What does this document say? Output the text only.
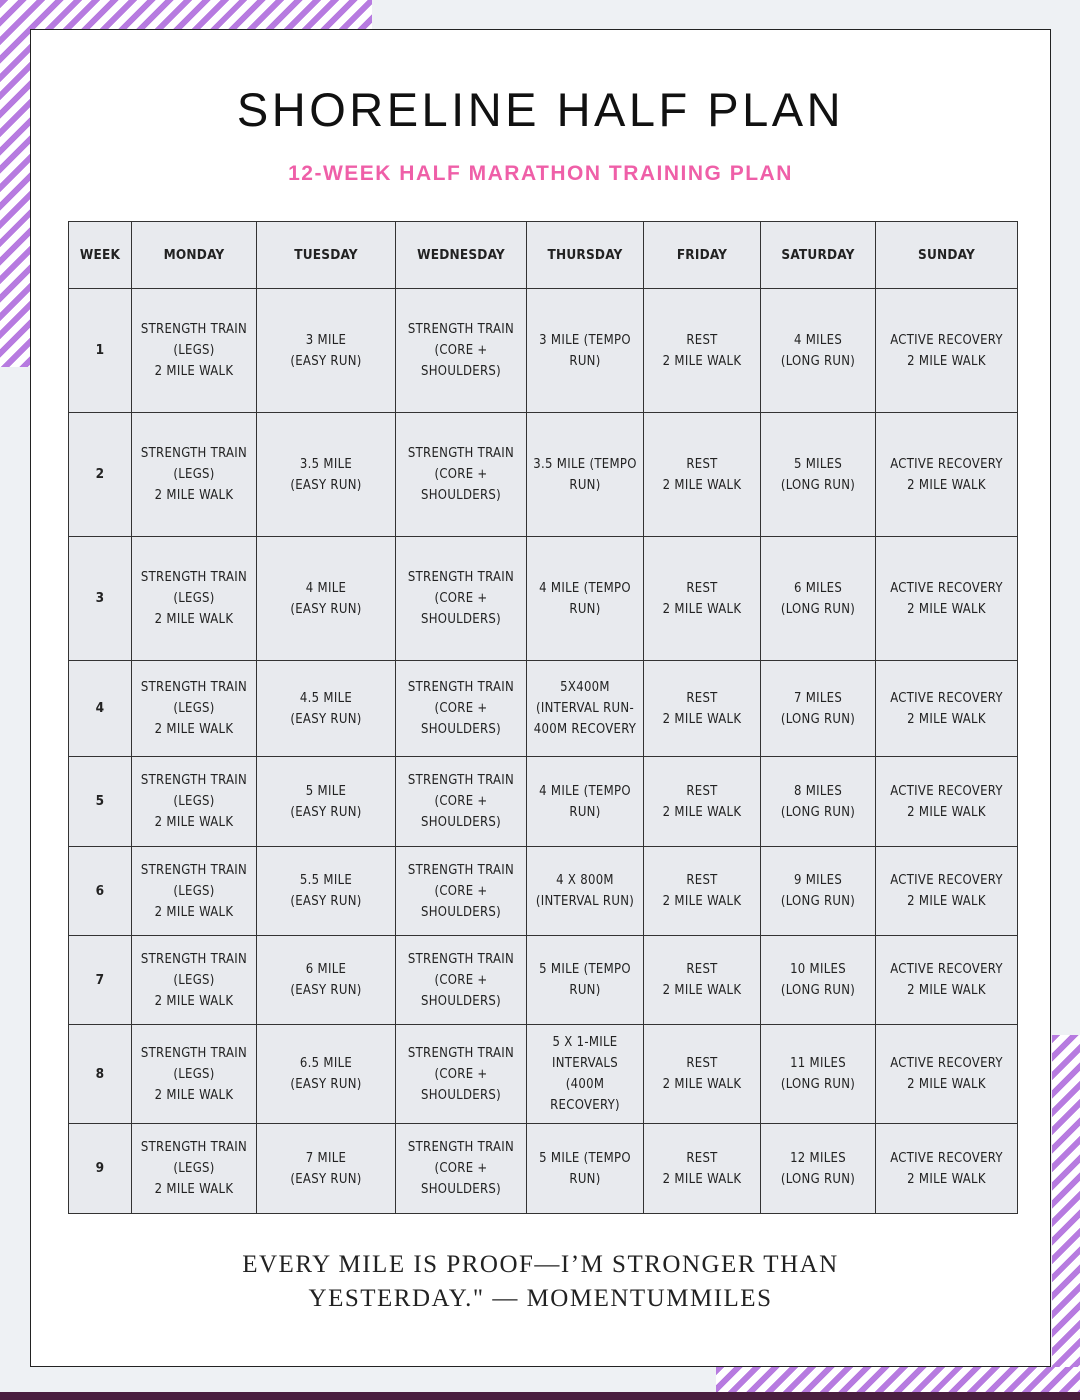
SHORELINE HALF PLAN
12-WEEK HALF MARATHON TRAINING PLAN
WEEK	MONDAY	TUESDAY	WEDNESDAY	THURSDAY	FRIDAY	SATURDAY	SUNDAY
1	STRENGTH TRAIN
(LEGS)
2 MILE WALK	3 MILE
(EASY RUN)	STRENGTH TRAIN
(CORE +
SHOULDERS)	3 MILE (TEMPO
RUN)	REST
2 MILE WALK	4 MILES
(LONG RUN)	ACTIVE RECOVERY
2 MILE WALK
2	STRENGTH TRAIN
(LEGS)
2 MILE WALK	3.5 MILE
(EASY RUN)	STRENGTH TRAIN
(CORE +
SHOULDERS)	3.5 MILE (TEMPO
RUN)	REST
2 MILE WALK	5 MILES
(LONG RUN)	ACTIVE RECOVERY
2 MILE WALK
3	STRENGTH TRAIN
(LEGS)
2 MILE WALK	4 MILE
(EASY RUN)	STRENGTH TRAIN
(CORE +
SHOULDERS)	4 MILE (TEMPO
RUN)	REST
2 MILE WALK	6 MILES
(LONG RUN)	ACTIVE RECOVERY
2 MILE WALK
4	STRENGTH TRAIN
(LEGS)
2 MILE WALK	4.5 MILE
(EASY RUN)	STRENGTH TRAIN
(CORE +
SHOULDERS)	5X400M
(INTERVAL RUN-
400M RECOVERY	REST
2 MILE WALK	7 MILES
(LONG RUN)	ACTIVE RECOVERY
2 MILE WALK
5	STRENGTH TRAIN
(LEGS)
2 MILE WALK	5 MILE
(EASY RUN)	STRENGTH TRAIN
(CORE +
SHOULDERS)	4 MILE (TEMPO
RUN)	REST
2 MILE WALK	8 MILES
(LONG RUN)	ACTIVE RECOVERY
2 MILE WALK
6	STRENGTH TRAIN
(LEGS)
2 MILE WALK	5.5 MILE
(EASY RUN)	STRENGTH TRAIN
(CORE +
SHOULDERS)	4 X 800M
(INTERVAL RUN)	REST
2 MILE WALK	9 MILES
(LONG RUN)	ACTIVE RECOVERY
2 MILE WALK
7	STRENGTH TRAIN
(LEGS)
2 MILE WALK	6 MILE
(EASY RUN)	STRENGTH TRAIN
(CORE +
SHOULDERS)	5 MILE (TEMPO
RUN)	REST
2 MILE WALK	10 MILES
(LONG RUN)	ACTIVE RECOVERY
2 MILE WALK
8	STRENGTH TRAIN
(LEGS)
2 MILE WALK	6.5 MILE
(EASY RUN)	STRENGTH TRAIN
(CORE +
SHOULDERS)	5 X 1-MILE
INTERVALS
(400M
RECOVERY)	REST
2 MILE WALK	11 MILES
(LONG RUN)	ACTIVE RECOVERY
2 MILE WALK
9	STRENGTH TRAIN
(LEGS)
2 MILE WALK	7 MILE
(EASY RUN)	STRENGTH TRAIN
(CORE +
SHOULDERS)	5 MILE (TEMPO
RUN)	REST
2 MILE WALK	12 MILES
(LONG RUN)	ACTIVE RECOVERY
2 MILE WALK
EVERY MILE IS PROOF—I’M STRONGER THAN
YESTERDAY." — MOMENTUMMILES
